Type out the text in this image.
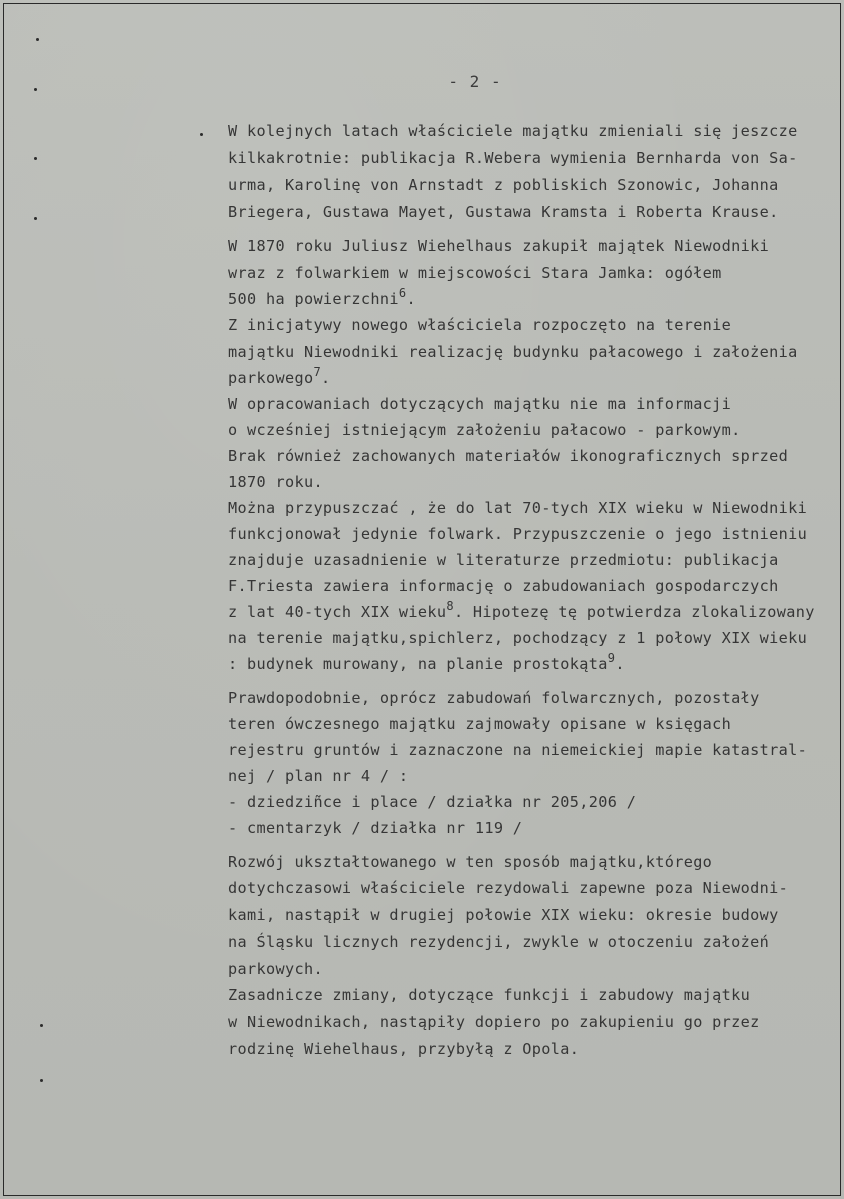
- 2 -
W kolejnych latach właściciele majątku zmieniali się jeszcze
kilkakrotnie: publikacja R.Webera wymienia Bernharda von Sa-
urma, Karolinę von Arnstadt z pobliskich Szonowic, Johanna
Briegera, Gustawa Mayet, Gustawa Kramsta i Roberta Krause.
W 1870 roku Juliusz Wiehelhaus zakupił majątek Niewodniki
wraz z folwarkiem w miejscowości Stara Jamka: ogółem
500 ha powierzchni$^6$.
Z inicjatywy nowego właściciela rozpoczęto na terenie
majątku Niewodniki realizację budynku pałacowego i założenia
parkowego$^7$.
W opracowaniach dotyczących majątku nie ma informacji
o wcześniej istniejącym założeniu pałacowo - parkowym.
Brak również zachowanych materiałów ikonograficznych sprzed
1870 roku.
Można przypuszczać , że do lat 70-tych XIX wieku w Niewodniki
funkcjonował jedynie folwark. Przypuszczenie o jego istnieniu
znajduje uzasadnienie w literaturze przedmiotu: publikacja
F.Triesta zawiera informację o zabudowaniach gospodarczych
z lat 40-tych XIX wieku$^8$. Hipotezę tę potwierdza zlokalizowany
na terenie majątku,spichlerz, pochodzący z 1 połowy XIX wieku
: budynek murowany, na planie prostokąta$^9$.
Prawdopodobnie, oprócz zabudowań folwarcznych, pozostały
teren ówczesnego majątku zajmowały opisane w księgach
rejestru gruntów i zaznaczone na niemeickiej mapie katastral-
nej / plan nr 4 / :
- dziedziñce i place / działka nr 205,206 /
- cmentarzyk / działka nr 119 /
Rozwój ukształtowanego w ten sposób majątku,którego
dotychczasowi właściciele rezydowali zapewne poza Niewodni-
kami, nastąpił w drugiej połowie XIX wieku: okresie budowy
na Śląsku licznych rezydencji, zwykle w otoczeniu założeń
parkowych.
Zasadnicze zmiany, dotyczące funkcji i zabudowy majątku
w Niewodnikach, nastąpiły dopiero po zakupieniu go przez
rodzinę Wiehelhaus, przybyłą z Opola.
